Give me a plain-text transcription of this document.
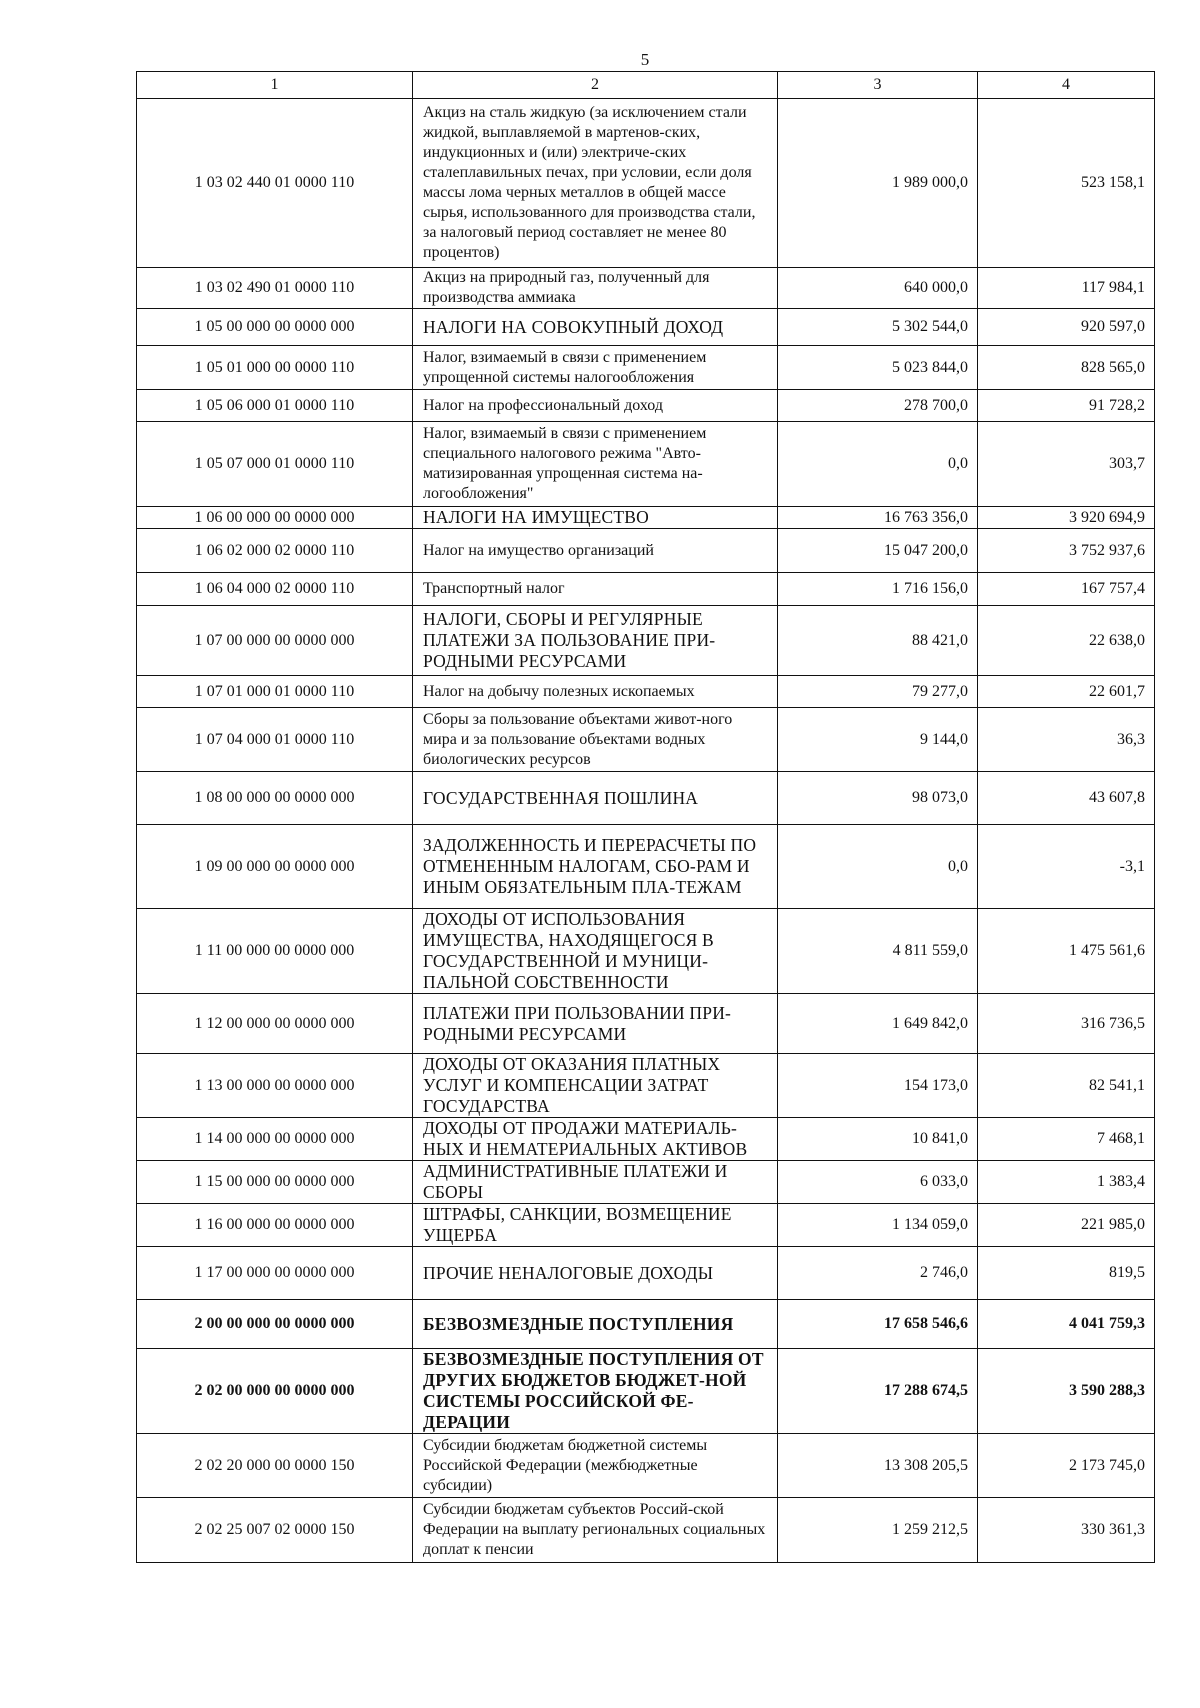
5
1	2	3	4
1 03 02 440 01 0000 110	Акциз на сталь жидкую (за исключением стали жидкой, выплавляемой в мартенов-ских, индукционных и (или) электриче-ских сталеплавильных печах, при условии, если доля массы лома черных металлов в общей массе сырья, использованного для производства стали, за налоговый период составляет не менее 80 процентов)	1 989 000,0	523 158,1
1 03 02 490 01 0000 110	Акциз на природный газ, полученный для производства аммиака	640 000,0	117 984,1
1 05 00 000 00 0000 000	НАЛОГИ НА СОВОКУПНЫЙ ДОХОД	5 302 544,0	920 597,0
1 05 01 000 00 0000 110	Налог, взимаемый в связи с применением упрощенной системы налогообложения	5 023 844,0	828 565,0
1 05 06 000 01 0000 110	Налог на профессиональный доход	278 700,0	91 728,2
1 05 07 000 01 0000 110	Налог, взимаемый в связи с применением специального налогового режима "Авто-матизированная упрощенная система на-логообложения"	0,0	303,7
1 06 00 000 00 0000 000	НАЛОГИ НА ИМУЩЕСТВО	16 763 356,0	3 920 694,9
1 06 02 000 02 0000 110	Налог на имущество организаций	15 047 200,0	3 752 937,6
1 06 04 000 02 0000 110	Транспортный налог	1 716 156,0	167 757,4
1 07 00 000 00 0000 000	НАЛОГИ, СБОРЫ И РЕГУЛЯРНЫЕ ПЛАТЕЖИ ЗА ПОЛЬЗОВАНИЕ ПРИ-РОДНЫМИ РЕСУРСАМИ	88 421,0	22 638,0
1 07 01 000 01 0000 110	Налог на добычу полезных ископаемых	79 277,0	22 601,7
1 07 04 000 01 0000 110	Сборы за пользование объектами живот-ного мира и за пользование объектами водных биологических ресурсов	9 144,0	36,3
1 08 00 000 00 0000 000	ГОСУДАРСТВЕННАЯ ПОШЛИНА	98 073,0	43 607,8
1 09 00 000 00 0000 000	ЗАДОЛЖЕННОСТЬ И ПЕРЕРАСЧЕТЫ ПО ОТМЕНЕННЫМ НАЛОГАМ, СБО-РАМ И ИНЫМ ОБЯЗАТЕЛЬНЫМ ПЛА-ТЕЖАМ	0,0	-3,1
1 11 00 000 00 0000 000	ДОХОДЫ ОТ ИСПОЛЬЗОВАНИЯ ИМУЩЕСТВА, НАХОДЯЩЕГОСЯ В ГОСУДАРСТВЕННОЙ И МУНИЦИ-ПАЛЬНОЙ СОБСТВЕННОСТИ	4 811 559,0	1 475 561,6
1 12 00 000 00 0000 000	ПЛАТЕЖИ ПРИ ПОЛЬЗОВАНИИ ПРИ-РОДНЫМИ РЕСУРСАМИ	1 649 842,0	316 736,5
1 13 00 000 00 0000 000	ДОХОДЫ ОТ ОКАЗАНИЯ ПЛАТНЫХ УСЛУГ И КОМПЕНСАЦИИ ЗАТРАТ ГОСУДАРСТВА	154 173,0	82 541,1
1 14 00 000 00 0000 000	ДОХОДЫ ОТ ПРОДАЖИ МАТЕРИАЛЬ-НЫХ И НЕМАТЕРИАЛЬНЫХ АКТИВОВ	10 841,0	7 468,1
1 15 00 000 00 0000 000	АДМИНИСТРАТИВНЫЕ ПЛАТЕЖИ И СБОРЫ	6 033,0	1 383,4
1 16 00 000 00 0000 000	ШТРАФЫ, САНКЦИИ, ВОЗМЕЩЕНИЕ УЩЕРБА	1 134 059,0	221 985,0
1 17 00 000 00 0000 000	ПРОЧИЕ НЕНАЛОГОВЫЕ ДОХОДЫ	2 746,0	819,5
2 00 00 000 00 0000 000	БЕЗВОЗМЕЗДНЫЕ ПОСТУПЛЕНИЯ	17 658 546,6	4 041 759,3
2 02 00 000 00 0000 000	БЕЗВОЗМЕЗДНЫЕ ПОСТУПЛЕНИЯ ОТ ДРУГИХ БЮДЖЕТОВ БЮДЖЕТ-НОЙ СИСТЕМЫ РОССИЙСКОЙ ФЕ-ДЕРАЦИИ	17 288 674,5	3 590 288,3
2 02 20 000 00 0000 150	Субсидии бюджетам бюджетной системы Российской Федерации (межбюджетные субсидии)	13 308 205,5	2 173 745,0
2 02 25 007 02 0000 150	Субсидии бюджетам субъектов Россий-ской Федерации на выплату региональных социальных доплат к пенсии	1 259 212,5	330 361,3
